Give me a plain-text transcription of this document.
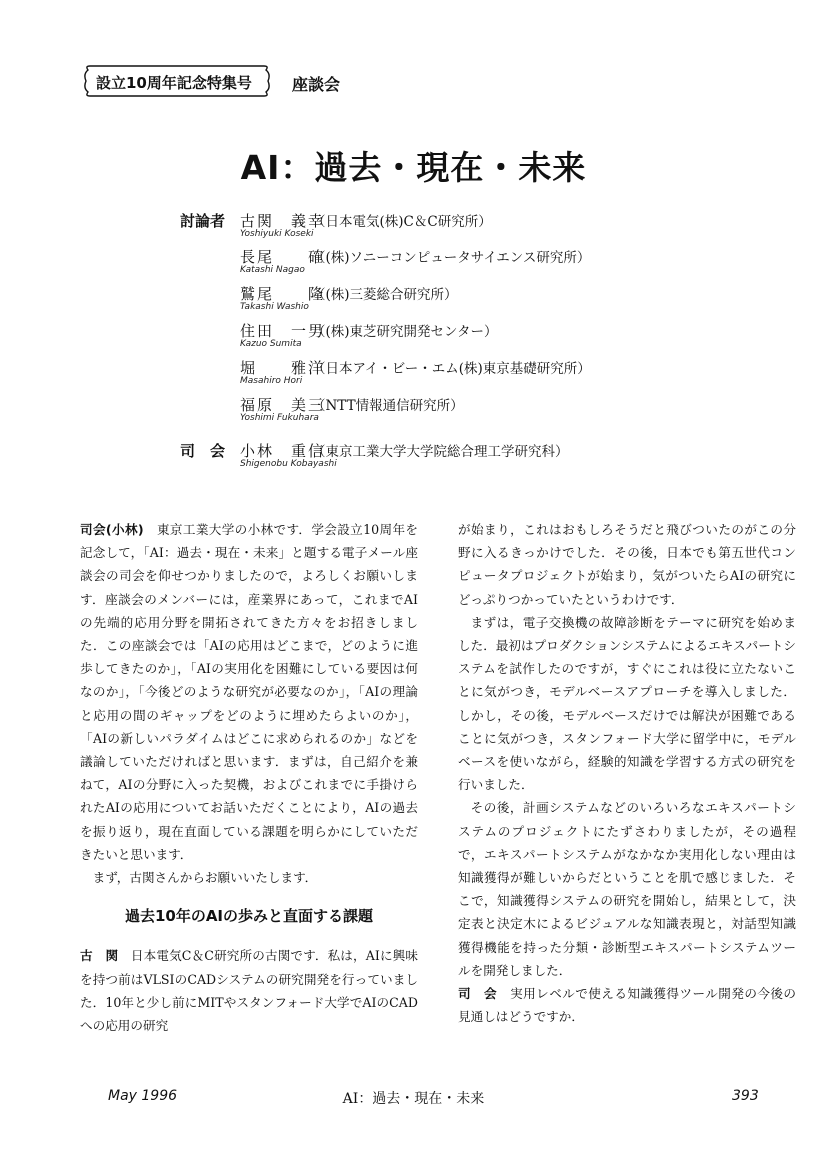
設立10周年記念特集号	座談会
AI：過去・現在・未来
討論者 古関　義幸（日本電気(株)C＆C研究所）
Yoshiyuki Koseki
長尾　　確（(株)ソニーコンピュータサイエンス研究所）
Katashi Nagao
鷲尾　　隆（(株)三菱総合研究所）
Takashi Washio
住田　一男（(株)東芝研究開発センター）
Kazuo Sumita
堀　　雅洋（日本アイ・ビー・エム(株)東京基礎研究所）
Masahiro Hori
福原　美三（NTT情報通信研究所）
Yoshimi Fukuhara
司　会 小林　重信（東京工業大学大学院総合理工学研究科）
Shigenobu Kobayashi

司会(小林)　東京工業大学の小林です．学会設立10周年を記念して，「AI：過去・現在・未来」と題する電子メール座談会の司会を仰せつかりましたので，よろしくお願いします．座談会のメンバーには，産業界にあって，これまでAIの先端的応用分野を開拓されてきた方々をお招きしました．この座談会では「AIの応用はどこまで，どのように進歩してきたのか」，「AIの実用化を困難にしている要因は何なのか」，「今後どのような研究が必要なのか」，「AIの理論と応用の間のギャップをどのように埋めたらよいのか」，「AIの新しいパラダイムはどこに求められるのか」などを議論していただければと思います．まずは，自己紹介を兼ねて，AIの分野に入った契機，およびこれまでに手掛けられたAIの応用についてお話いただくことにより，AIの過去を振り返り，現在直面している課題を明らかにしていただきたいと思います．

まず，古関さんからお願いいたします．

過去10年のAIの歩みと直面する課題

古　関　日本電気C＆C研究所の古関です．私は，AIに興味を持つ前はVLSIのCADシステムの研究開発を行っていました．10年と少し前にMITやスタンフォード大学でAIのCADへの応用の研究

が始まり，これはおもしろそうだと飛びついたのがこの分野に入るきっかけでした．その後，日本でも第五世代コンピュータプロジェクトが始まり，気がついたらAIの研究にどっぷりつかっていたというわけです．

まずは，電子交換機の故障診断をテーマに研究を始めました．最初はプロダクションシステムによるエキスパートシステムを試作したのですが，すぐにこれは役に立たないことに気がつき，モデルベースアプローチを導入しました．しかし，その後，モデルベースだけでは解決が困難であることに気がつき，スタンフォード大学に留学中に，モデルベースを使いながら，経験的知識を学習する方式の研究を行いました．

その後，計画システムなどのいろいろなエキスパートシステムのプロジェクトにたずさわりましたが，その過程で，エキスパートシステムがなかなか実用化しない理由は知識獲得が難しいからだということを肌で感じました．そこで，知識獲得システムの研究を開始し，結果として，決定表と決定木によるビジュアルな知識表現と，対話型知識獲得機能を持った分類・診断型エキスパートシステムツールを開発しました．

司　会　実用レベルで使える知識獲得ツール開発の今後の見通しはどうですか．

May 1996	AI：過去・現在・未来	393
